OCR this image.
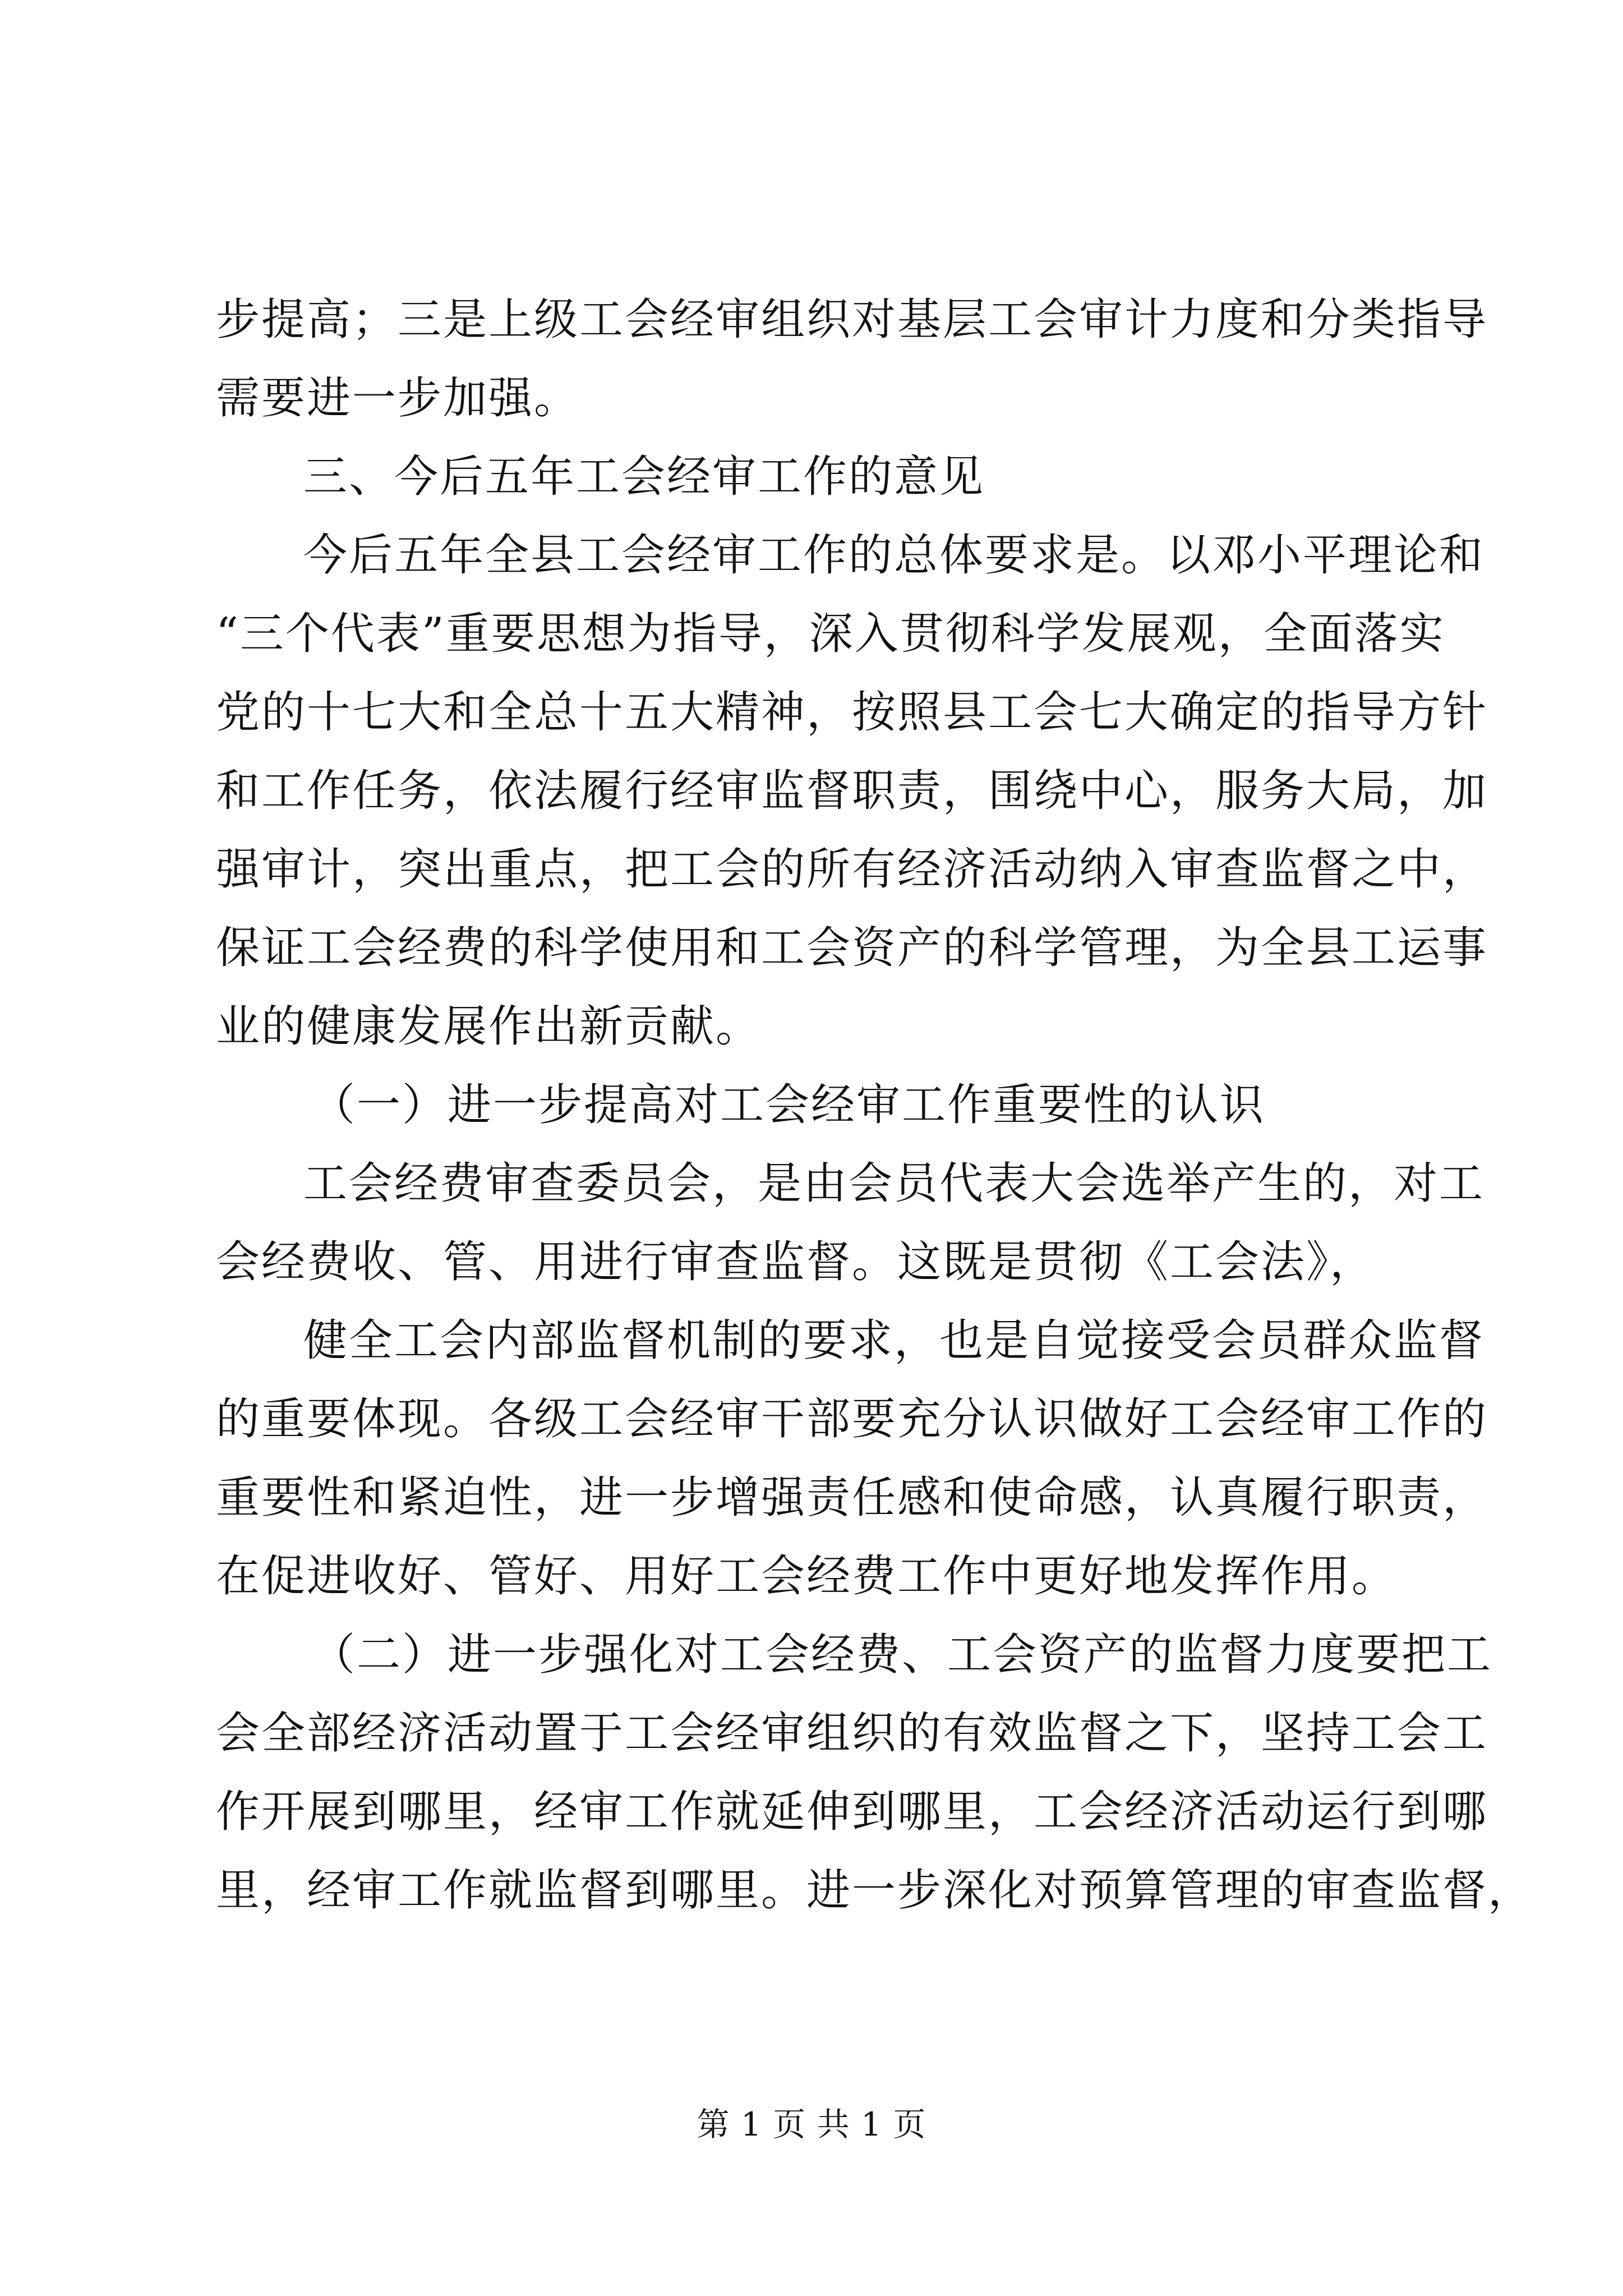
步提高；三是上级工会经审组织对基层工会审计力度和分类指导
需要进一步加强。
三、今后五年工会经审工作的意见
今后五年全县工会经审工作的总体要求是。以邓小平理论和
“三个代表”重要思想为指导，深入贯彻科学发展观，全面落实
党的十七大和全总十五大精神，按照县工会七大确定的指导方针
和工作任务，依法履行经审监督职责，围绕中心，服务大局，加
强审计，突出重点，把工会的所有经济活动纳入审查监督之中，
保证工会经费的科学使用和工会资产的科学管理，为全县工运事
业的健康发展作出新贡献。
（一）进一步提高对工会经审工作重要性的认识
工会经费审查委员会，是由会员代表大会选举产生的，对工
会经费收、管、用进行审查监督。这既是贯彻《工会法》，
健全工会内部监督机制的要求，也是自觉接受会员群众监督
的重要体现。各级工会经审干部要充分认识做好工会经审工作的
重要性和紧迫性，进一步增强责任感和使命感，认真履行职责，
在促进收好、管好、用好工会经费工作中更好地发挥作用。
（二）进一步强化对工会经费、工会资产的监督力度要把工
会全部经济活动置于工会经审组织的有效监督之下，坚持工会工
作开展到哪里，经审工作就延伸到哪里，工会经济活动运行到哪
里，经审工作就监督到哪里。进一步深化对预算管理的审查监督，
第 1 页 共 1 页
